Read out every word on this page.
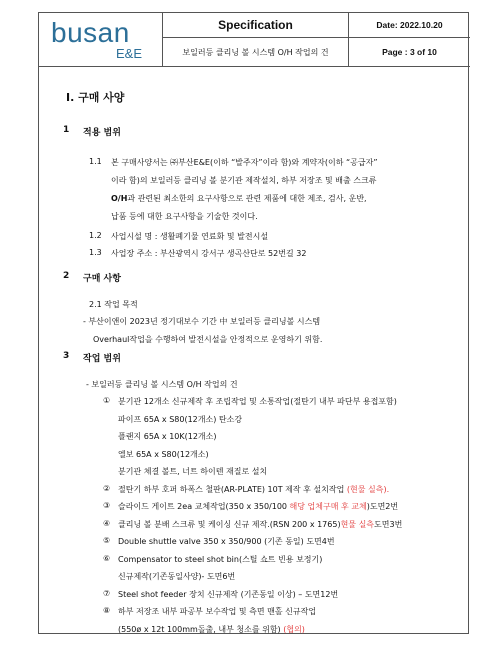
busan
E&E
Specification	Date: 2022.10.20
보일러등 클리닝 볼 시스템 O/H 작업의 건	Page : 3 of 10
Ⅰ. 구매 사양
1 적용 범위
1.1 본 구매사양서는 ㈜부산E&E(이하 “발주자”이라 함)와 계약자(이하 “공급자”
이라 함)의 보일러등 클리닝 볼 분기관 제작설치, 하부 저장조 및 배출 스크류
O/H과 관련된 최소한의 요구사항으로 관련 제품에 대한 제조, 검사, 운반,
납품 등에 대한 요구사항을 기술한 것이다.
1.2 사업시설 명 : 생활폐기물 연료화 및 발전시설
1.3 사업장 주소 : 부산광역시 강서구 생곡산단로 52번길 32
2 구매 사항
2.1 작업 목적
- 부산이앤이 2023년 정기대보수 기간 中 보일러등 클리닝볼 시스템
Overhaul작업을 수행하여 발전시설을 안정적으로 운영하기 위함.
3 작업 범위
- 보일러등 클리닝 볼 시스템 O/H 작업의 건
① 분기관 12개소 신규제작 후 조립작업 및 소통작업(절탄기 내부 파단부 용접포함)
파이프 65A x S80(12개소) 탄소강
플랜지 65A x 10K(12개소)
엘보 65A x S80(12개소)
분기관 체결 볼트, 너트 하이텐 재질로 설치
② 절탄기 하부 호퍼 하폭스 철판(AR-PLATE) 10T 제작 후 설치작업 (현물 실측).
③ 슬라이드 게이트 2ea 교체작업(350 x 350/100 해당 업체구매 후 교체)도면2번
④ 클리닝 볼 분배 스크류 및 케이싱 신규 제작.(RSN 200 x 1765)현물 실측도면3번
⑤ Double shuttle valve 350 x 350/900 (기존 동일) 도면4번
⑥ Compensator to steel shot bin(스틸 쇼트 빈용 보정기)
신규제작(기존동일사양)- 도면6번
⑦ Steel shot feeder 장치 신규제작 (기존동일 이상) – 도면12번
⑧ 하부 저장조 내부 파공부 보수작업 및 측면 맨홀 신규작업
(550ø x 12t 100mm돌출, 내부 청소를 위함) (협의)
